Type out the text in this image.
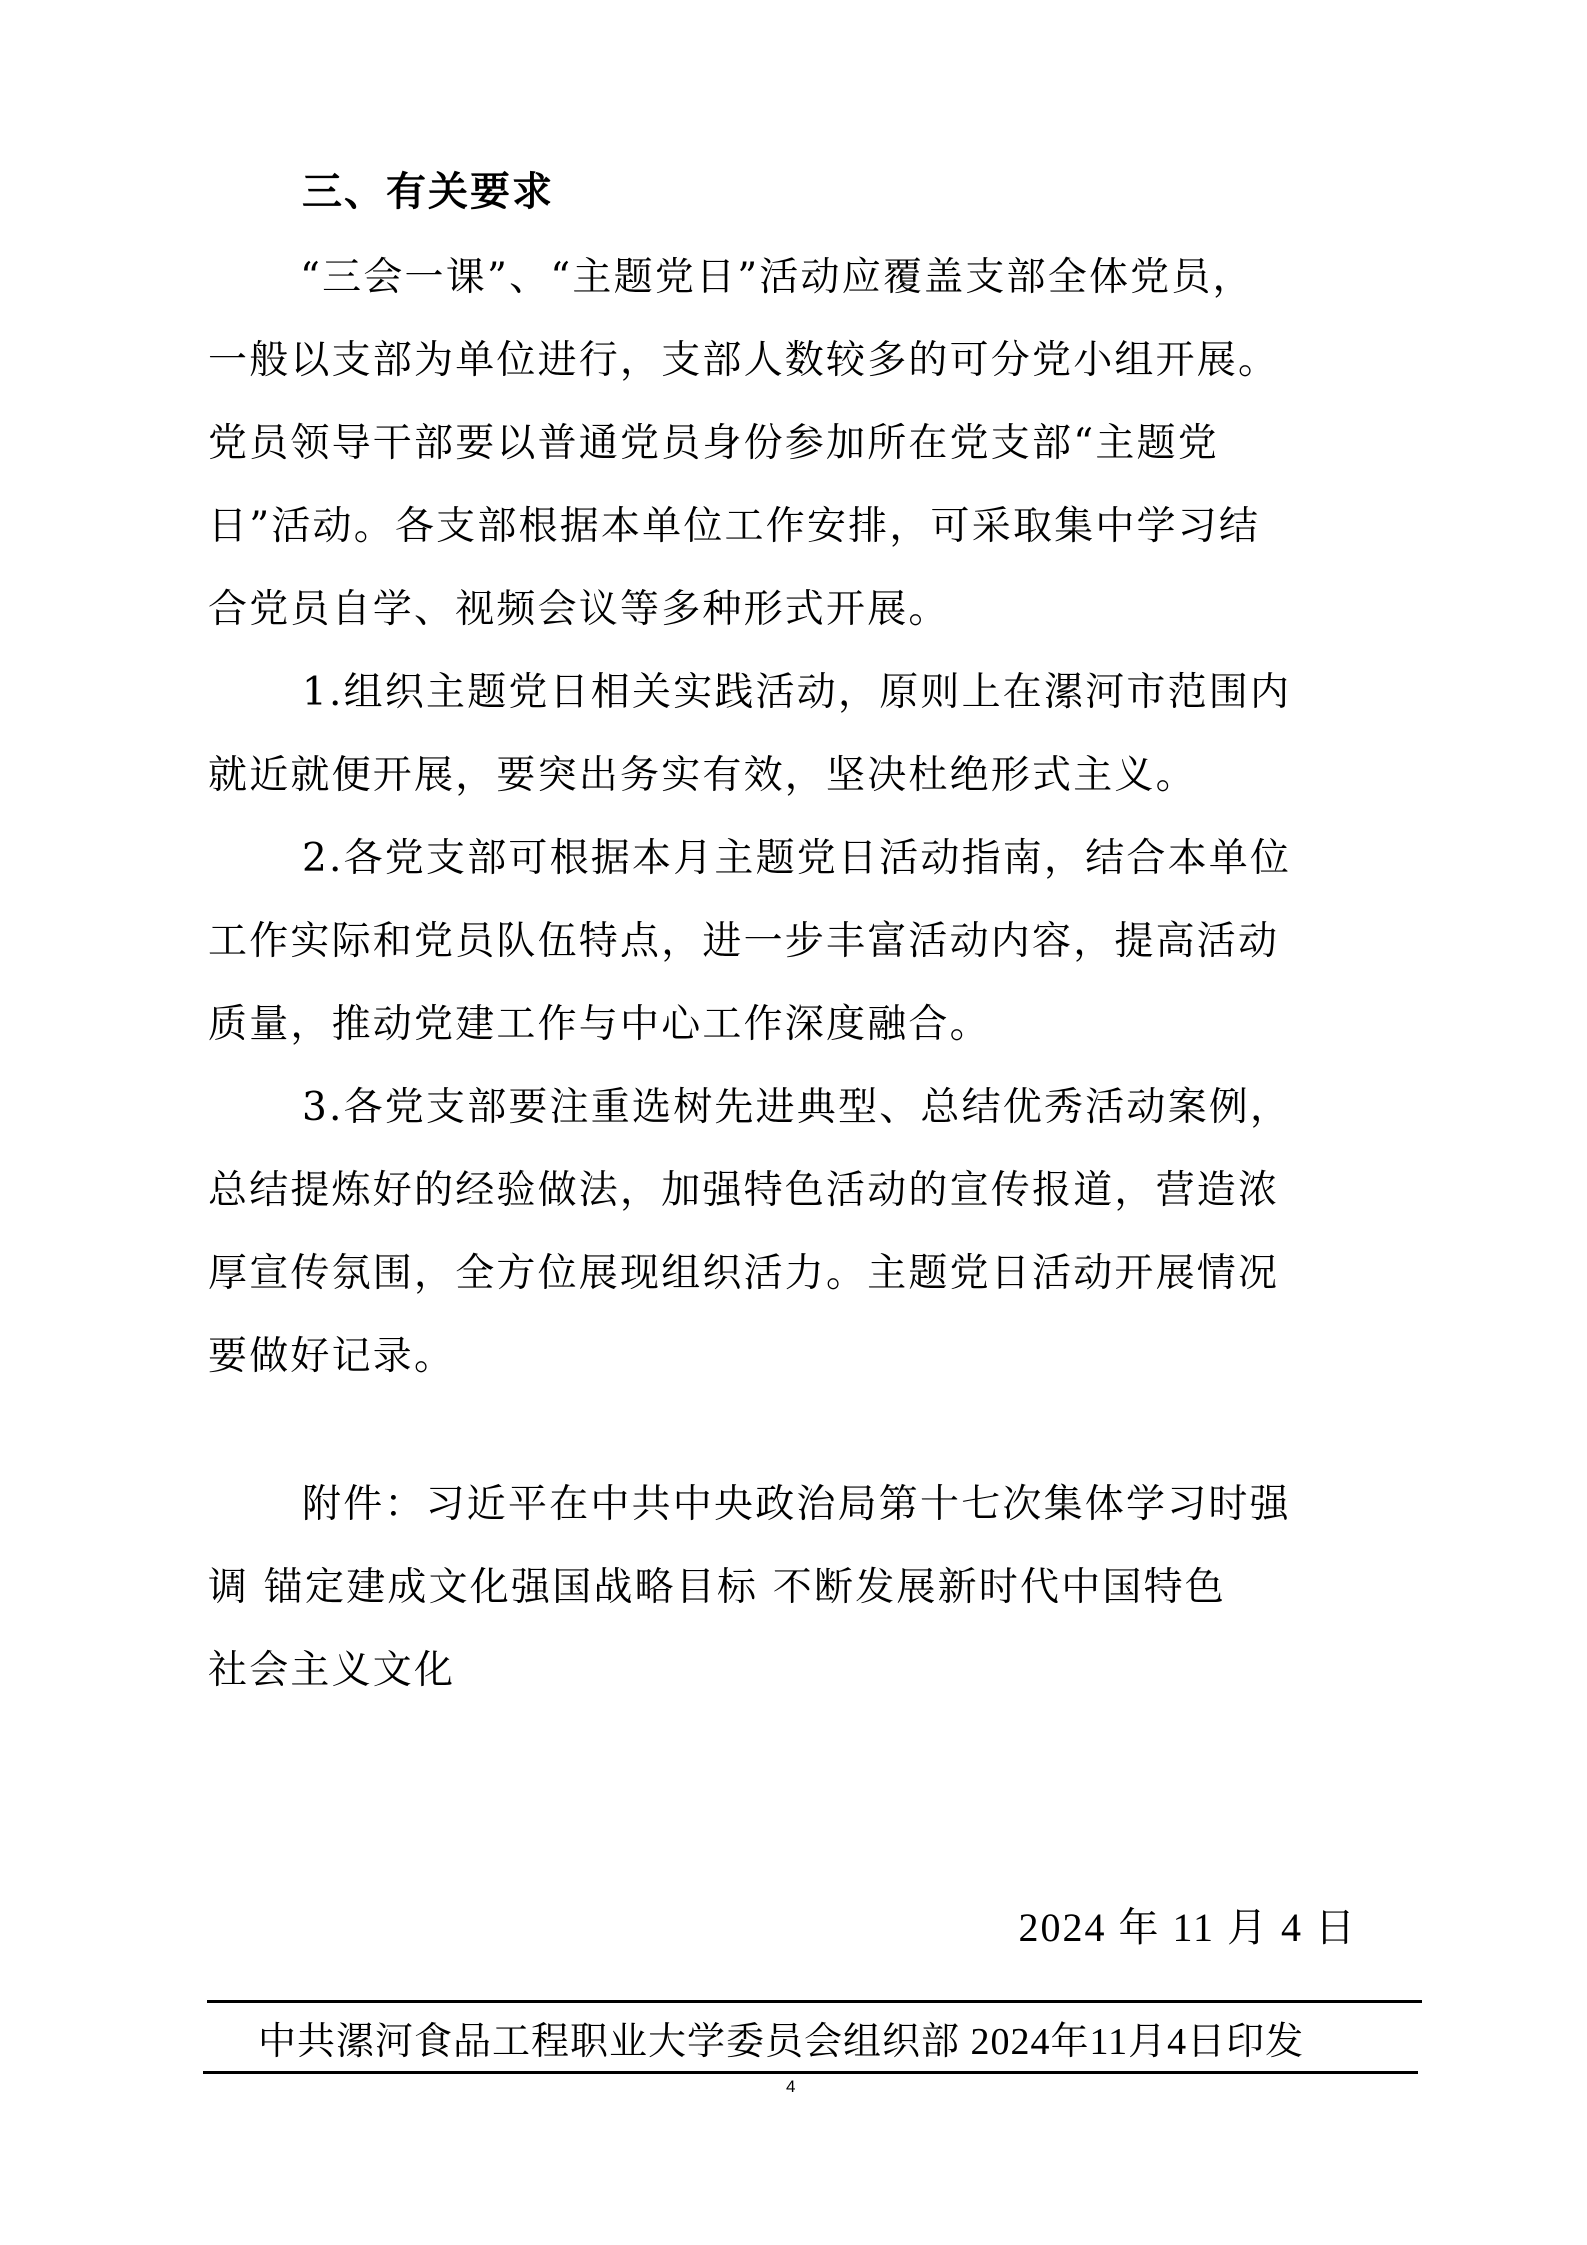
三、有关要求
“三会一课”、“主题党日”活动应覆盖支部全体党员，
一般以支部为单位进行，支部人数较多的可分党小组开展。
党员领导干部要以普通党员身份参加所在党支部“主题党
日”活动。各支部根据本单位工作安排，可采取集中学习结
合党员自学、视频会议等多种形式开展。
1.组织主题党日相关实践活动，原则上在漯河市范围内
就近就便开展，要突出务实有效，坚决杜绝形式主义。
2.各党支部可根据本月主题党日活动指南，结合本单位
工作实际和党员队伍特点，进一步丰富活动内容，提高活动
质量，推动党建工作与中心工作深度融合。
3.各党支部要注重选树先进典型、总结优秀活动案例，
总结提炼好的经验做法，加强特色活动的宣传报道，营造浓
厚宣传氛围，全方位展现组织活力。主题党日活动开展情况
要做好记录。
附件：习近平在中共中央政治局第十七次集体学习时强
调 锚定建成文化强国战略目标 不断发展新时代中国特色
社会主义文化
2024 年 11 月 4 日
中共漯河食品工程职业大学委员会组织部 2024年11月4日印发
4
